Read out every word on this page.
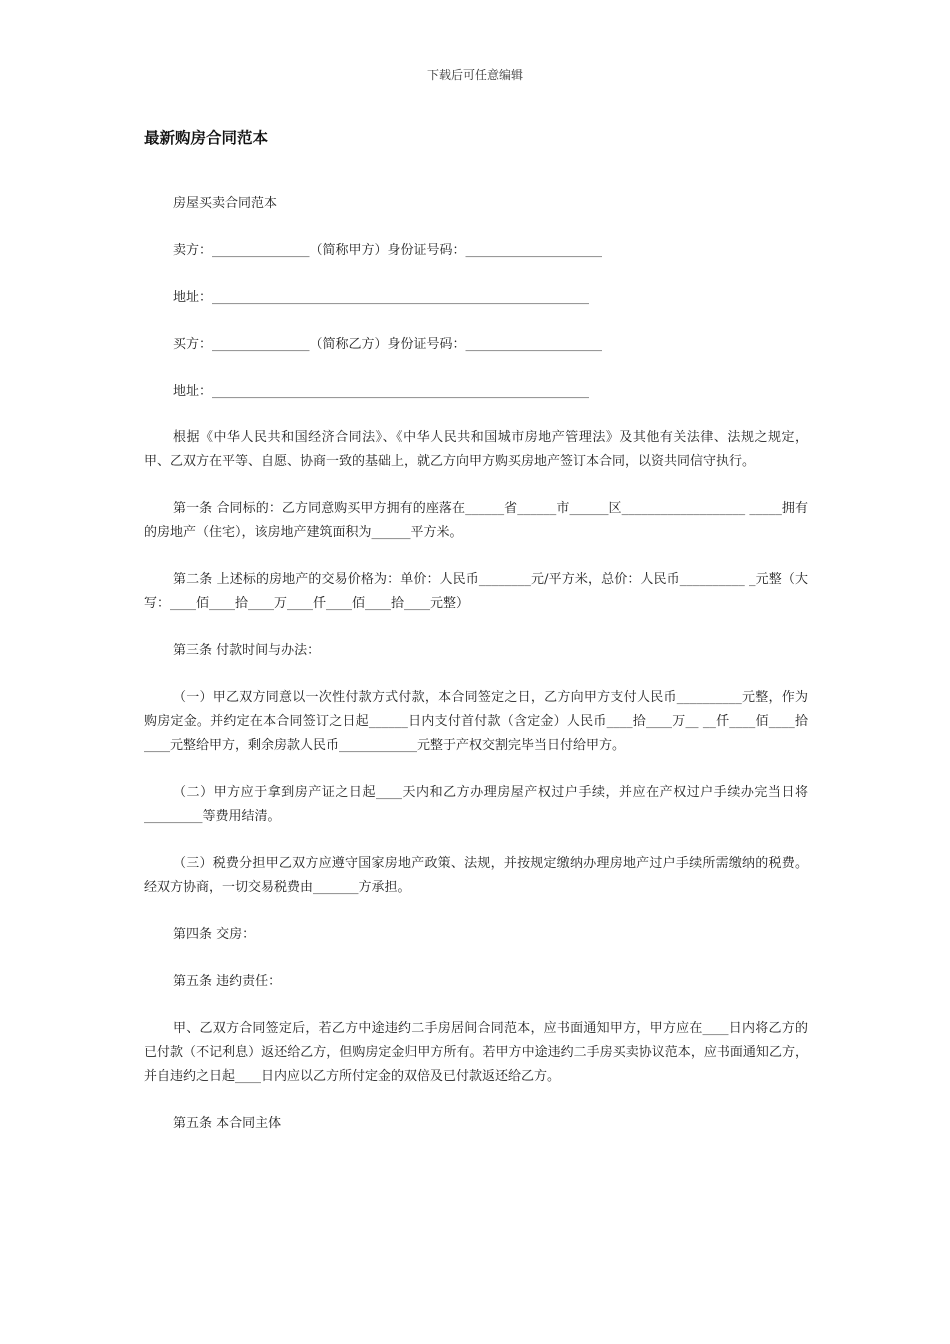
下载后可任意编辑
最新购房合同范本

房屋买卖合同范本

卖方：_______________（简称甲方）身份证号码：_____________________

地址：__________________________________________________________

买方：_______________（简称乙方）身份证号码：_____________________

地址：__________________________________________________________

根据《中华人民共和国经济合同法》、《中华人民共和国城市房地产管理法》及其他有关法律、法规之规定，甲、乙双方在平等、自愿、协商一致的基础上，就乙方向甲方购买房地产签订本合同，以资共同信守执行。

第一条 合同标的：乙方同意购买甲方拥有的座落在______省______市______区___________________ _____拥有的房地产（住宅），该房地产建筑面积为______平方米。

第二条 上述标的房地产的交易价格为：单价：人民币________元/平方米，总价：人民币__________ _元整（大写：____佰____拾____万____仟____佰____拾____元整）

第三条 付款时间与办法：

（一）甲乙双方同意以一次性付款方式付款，本合同签定之日，乙方向甲方支付人民币__________元整，作为购房定金。并约定在本合同签订之日起______日内支付首付款（含定金）人民币____拾____万__ __仟____佰____拾____元整给甲方，剩余房款人民币____________元整于产权交割完毕当日付给甲方。

（二）甲方应于拿到房产证之日起____天内和乙方办理房屋产权过户手续，并应在产权过户手续办完当日将_________等费用结清。

（三）税费分担甲乙双方应遵守国家房地产政策、法规，并按规定缴纳办理房地产过户手续所需缴纳的税费。经双方协商，一切交易税费由_______方承担。

第四条 交房：

第五条 违约责任：

甲、乙双方合同签定后，若乙方中途违约二手房居间合同范本，应书面通知甲方，甲方应在____日内将乙方的已付款（不记利息）返还给乙方，但购房定金归甲方所有。若甲方中途违约二手房买卖协议范本，应书面通知乙方，并自违约之日起____日内应以乙方所付定金的双倍及已付款返还给乙方。

第五条 本合同主体
